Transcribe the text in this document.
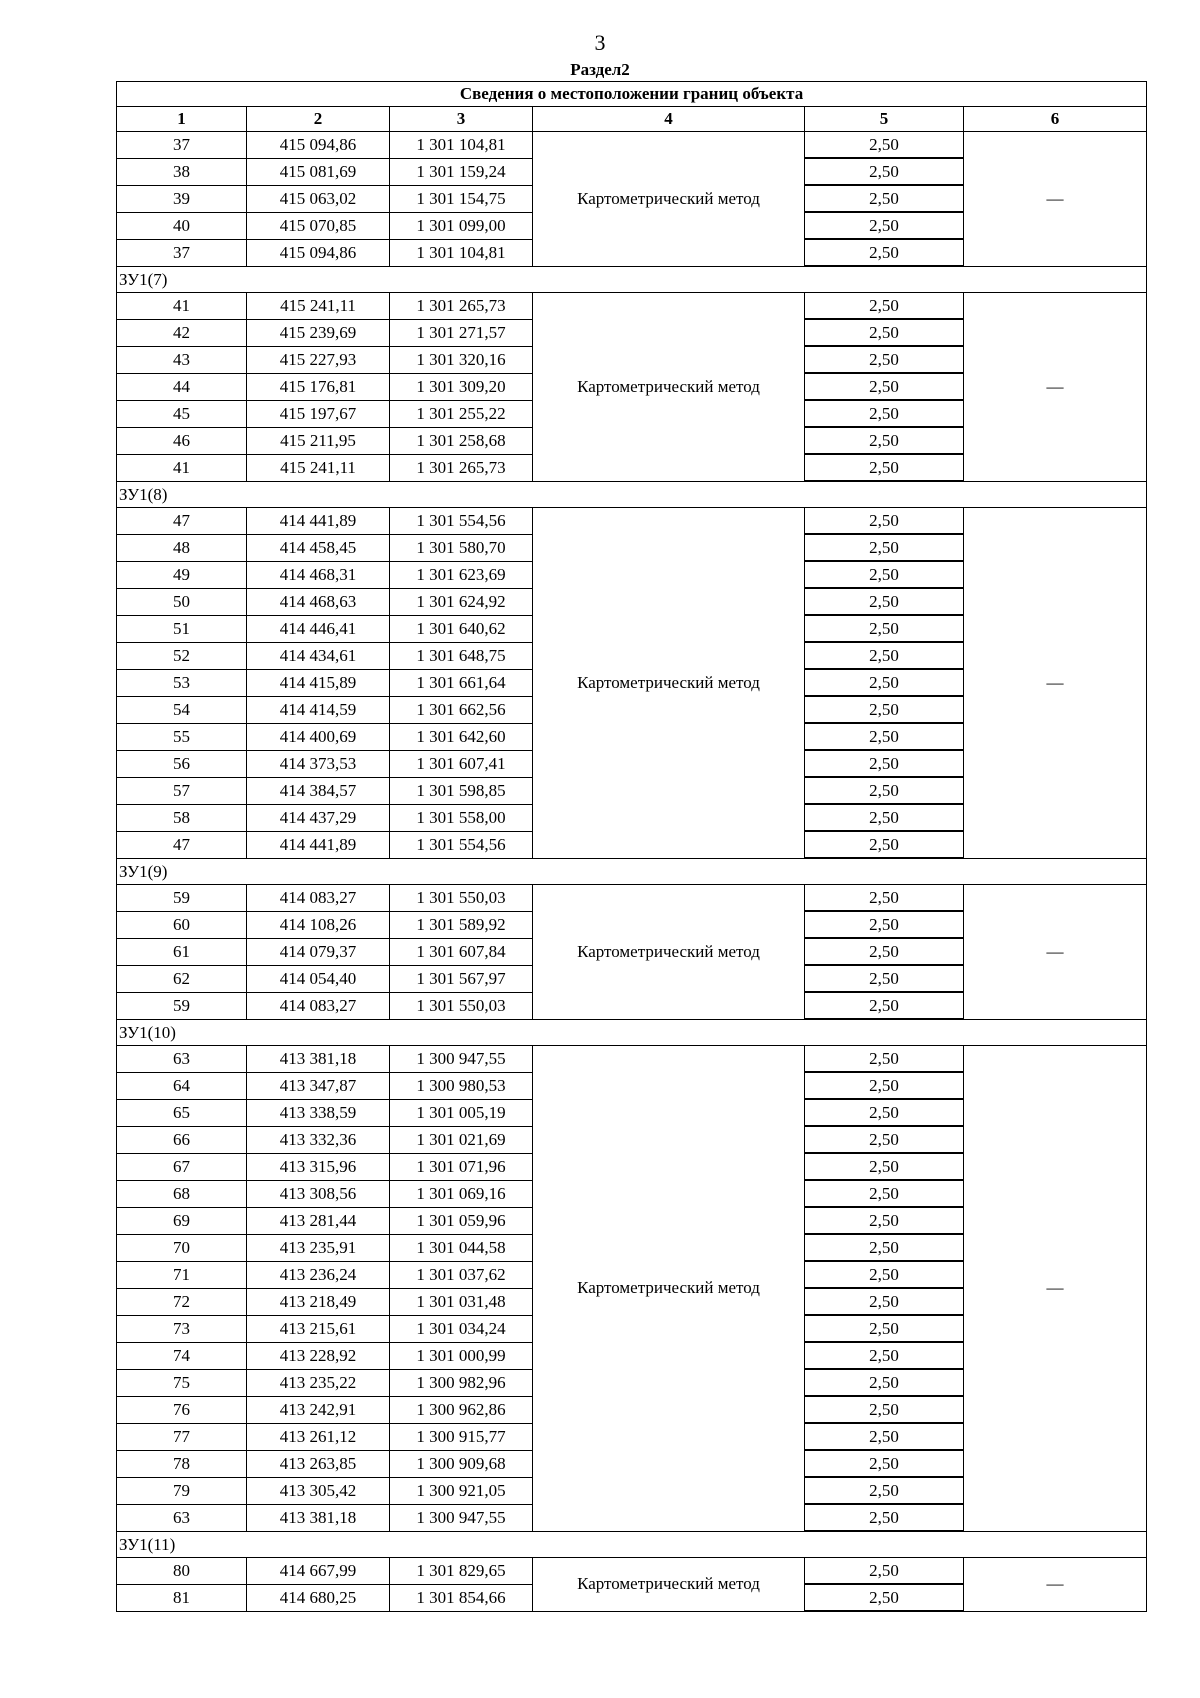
3
Раздел2
Сведения о местоположении границ объекта					
1	2	3	4	5	6
37	415 094,86	1 301 104,81	Картометрический метод	2,50	—
38	415 081,69	1 301 159,24		2,50	
39	415 063,02	1 301 154,75		2,50	
40	415 070,85	1 301 099,00		2,50	
37	415 094,86	1 301 104,81		2,50	
ЗУ1(7)					
41	415 241,11	1 301 265,73	Картометрический метод	2,50	—
42	415 239,69	1 301 271,57		2,50	
43	415 227,93	1 301 320,16		2,50	
44	415 176,81	1 301 309,20		2,50	
45	415 197,67	1 301 255,22		2,50	
46	415 211,95	1 301 258,68		2,50	
41	415 241,11	1 301 265,73		2,50	
ЗУ1(8)					
47	414 441,89	1 301 554,56	Картометрический метод	2,50	—
48	414 458,45	1 301 580,70		2,50	
49	414 468,31	1 301 623,69		2,50	
50	414 468,63	1 301 624,92		2,50	
51	414 446,41	1 301 640,62		2,50	
52	414 434,61	1 301 648,75		2,50	
53	414 415,89	1 301 661,64		2,50	
54	414 414,59	1 301 662,56		2,50	
55	414 400,69	1 301 642,60		2,50	
56	414 373,53	1 301 607,41		2,50	
57	414 384,57	1 301 598,85		2,50	
58	414 437,29	1 301 558,00		2,50	
47	414 441,89	1 301 554,56		2,50	
ЗУ1(9)					
59	414 083,27	1 301 550,03	Картометрический метод	2,50	—
60	414 108,26	1 301 589,92		2,50	
61	414 079,37	1 301 607,84		2,50	
62	414 054,40	1 301 567,97		2,50	
59	414 083,27	1 301 550,03		2,50	
ЗУ1(10)					
63	413 381,18	1 300 947,55	Картометрический метод	2,50	—
64	413 347,87	1 300 980,53		2,50	
65	413 338,59	1 301 005,19		2,50	
66	413 332,36	1 301 021,69		2,50	
67	413 315,96	1 301 071,96		2,50	
68	413 308,56	1 301 069,16		2,50	
69	413 281,44	1 301 059,96		2,50	
70	413 235,91	1 301 044,58		2,50	
71	413 236,24	1 301 037,62		2,50	
72	413 218,49	1 301 031,48		2,50	
73	413 215,61	1 301 034,24		2,50	
74	413 228,92	1 301 000,99		2,50	
75	413 235,22	1 300 982,96		2,50	
76	413 242,91	1 300 962,86		2,50	
77	413 261,12	1 300 915,77		2,50	
78	413 263,85	1 300 909,68		2,50	
79	413 305,42	1 300 921,05		2,50	
63	413 381,18	1 300 947,55		2,50	
ЗУ1(11)					
80	414 667,99	1 301 829,65	Картометрический метод	2,50	—
81	414 680,25	1 301 854,66		2,50	
